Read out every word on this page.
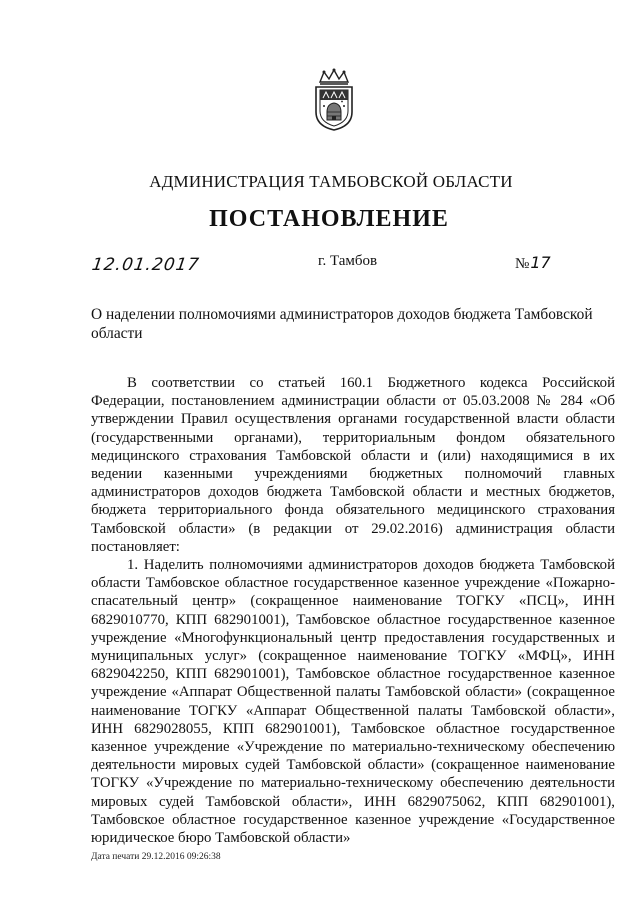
АДМИНИСТРАЦИЯ ТАМБОВСКОЙ ОБЛАСТИ
ПОСТАНОВЛЕНИЕ
12.01.2017	г. Тамбов	№17
О наделении полномочиями администраторов доходов бюджета Тамбовской области

В соответствии со статьей 160.1 Бюджетного кодекса Российской Федерации, постановлением администрации области от 05.03.2008 № 284 «Об утверждении Правил осуществления органами государственной власти области (государственными органами), территориальным фондом обязательного медицинского страхования Тамбовской области и (или) находящимися в их ведении казенными учреждениями бюджетных полномочий главных администраторов доходов бюджета Тамбовской области и местных бюджетов, бюджета территориального фонда обязательного медицинского страхования Тамбовской области» (в редакции от 29.02.2016) администрация области постановляет:

1. Наделить полномочиями администраторов доходов бюджета Тамбовской области Тамбовское областное государственное казенное учреждение «Пожарно-спасательный центр» (сокращенное наименование ТОГКУ «ПСЦ», ИНН 6829010770, КПП 682901001), Тамбовское областное государственное казенное учреждение «Многофункциональный центр предоставления государственных и муниципальных услуг» (сокращенное наименование ТОГКУ «МФЦ», ИНН 6829042250, КПП 682901001), Тамбовское областное государственное казенное учреждение «Аппарат Общественной палаты Тамбовской области» (сокращенное наименование ТОГКУ «Аппарат Общественной палаты Тамбовской области», ИНН 6829028055, КПП 682901001), Тамбовское областное государственное казенное учреждение «Учреждение по материально-техническому обеспечению деятельности мировых судей Тамбовской области» (сокращенное наименование ТОГКУ «Учреждение по материально-техническому обеспечению деятельности мировых судей Тамбовской области», ИНН 6829075062, КПП 682901001), Тамбовское областное государственное казенное учреждение «Государственное юридическое бюро Тамбовской области»

Дата печати 29.12.2016 09:26:38
